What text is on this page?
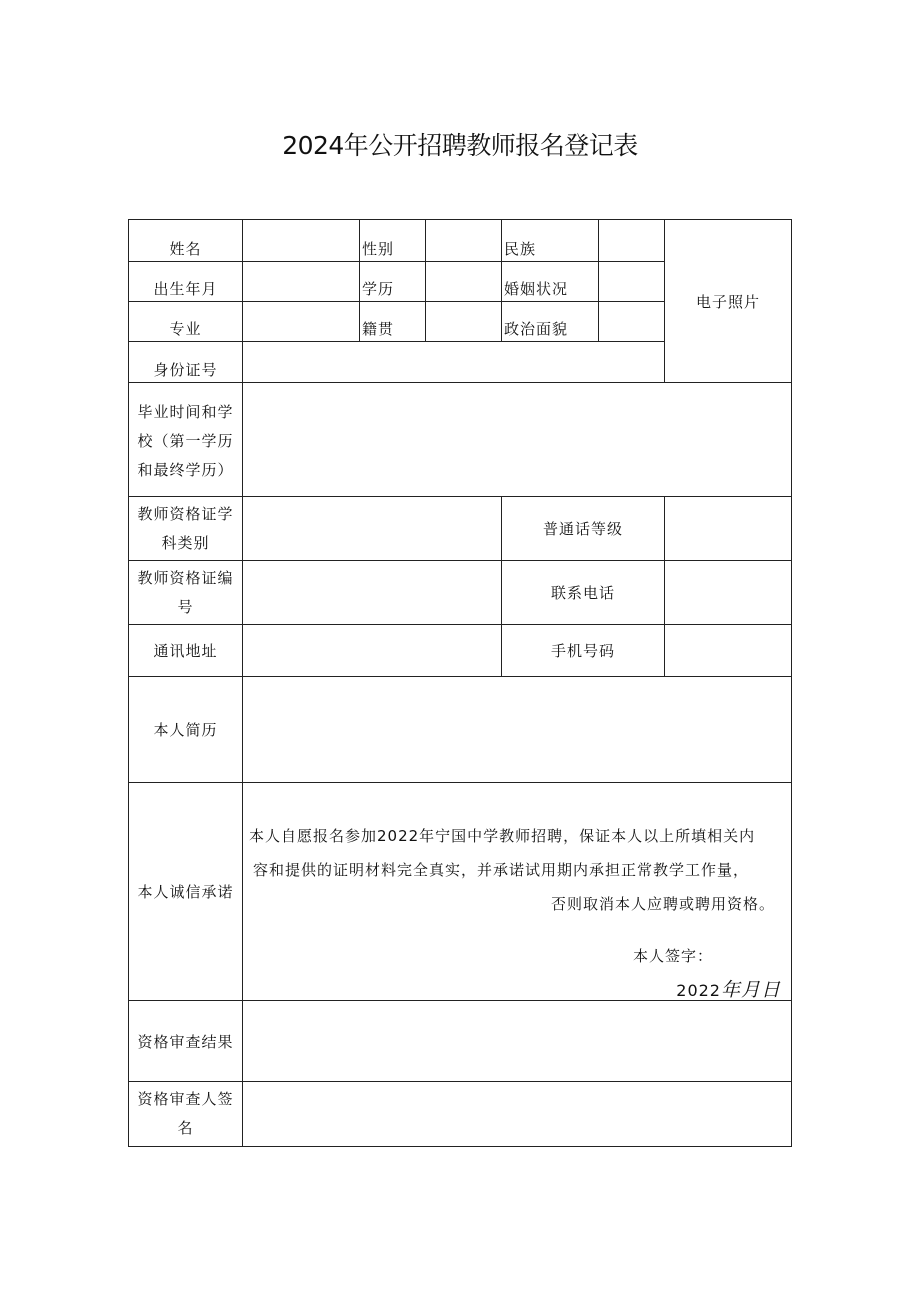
2024年公开招聘教师报名登记表
姓名		性别		民族		电子照片
出生年月		学历		婚姻状况		
专业		籍贯		政治面貌		
身份证号						

毕业时间和学
校（第一学历
和最终学历）						

教师资格证学
科类别				普通话等级		

教师资格证编
号				联系电话		
通讯地址				手机号码		
本人简历						
本人诚信承诺	本人自愿报名参加2022年宁国中学教师招聘，保证本人以上所填相关内

容和提供的证明材料完全真实，并承诺试用期内承担正常教学工作量，

否则取消本人应聘或聘用资格。

本人签字：
2022年月日					

资格审查结果						

资格审查人签
名						
